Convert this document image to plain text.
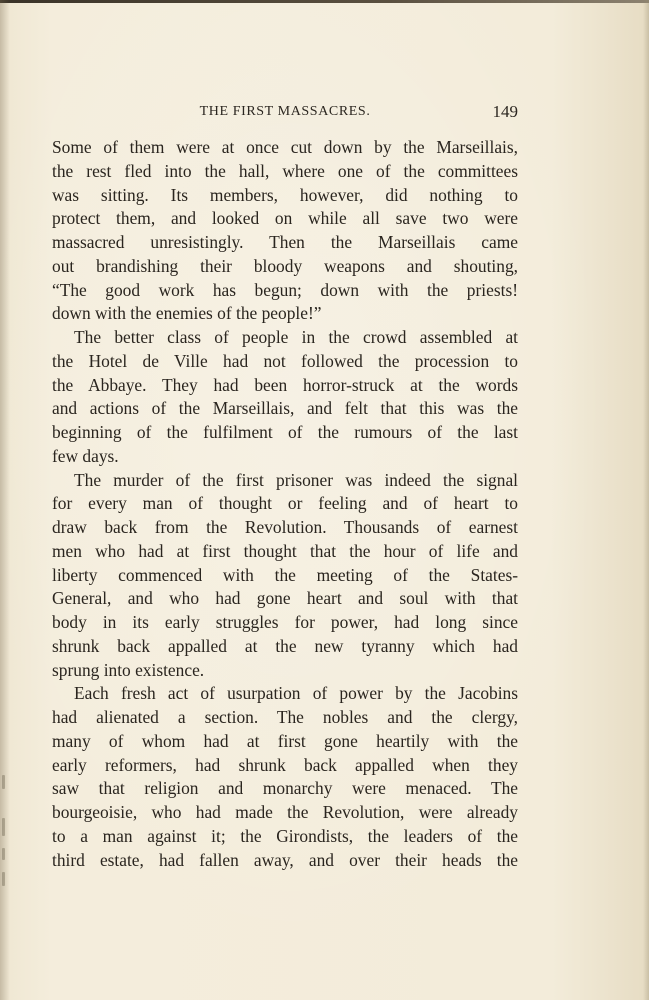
THE FIRST MASSACRES.	149
Some of them were at once cut down by the Marseillais,
the rest fled into the hall, where one of the committees
was sitting. Its members, however, did nothing to
protect them, and looked on while all save two were
massacred unresistingly. Then the Marseillais came
out brandishing their bloody weapons and shouting,
“The good work has begun; down with the priests!
down with the enemies of the people!”
The better class of people in the crowd assembled at
the Hotel de Ville had not followed the procession to
the Abbaye. They had been horror-struck at the words
and actions of the Marseillais, and felt that this was the
beginning of the fulfilment of the rumours of the last
few days.
The murder of the first prisoner was indeed the signal
for every man of thought or feeling and of heart to
draw back from the Revolution. Thousands of earnest
men who had at first thought that the hour of life and
liberty commenced with the meeting of the States-
General, and who had gone heart and soul with that
body in its early struggles for power, had long since
shrunk back appalled at the new tyranny which had
sprung into existence.
Each fresh act of usurpation of power by the Jacobins
had alienated a section. The nobles and the clergy,
many of whom had at first gone heartily with the
early reformers, had shrunk back appalled when they
saw that religion and monarchy were menaced. The
bourgeoisie, who had made the Revolution, were already
to a man against it; the Girondists, the leaders of the
third estate, had fallen away, and over their heads the
